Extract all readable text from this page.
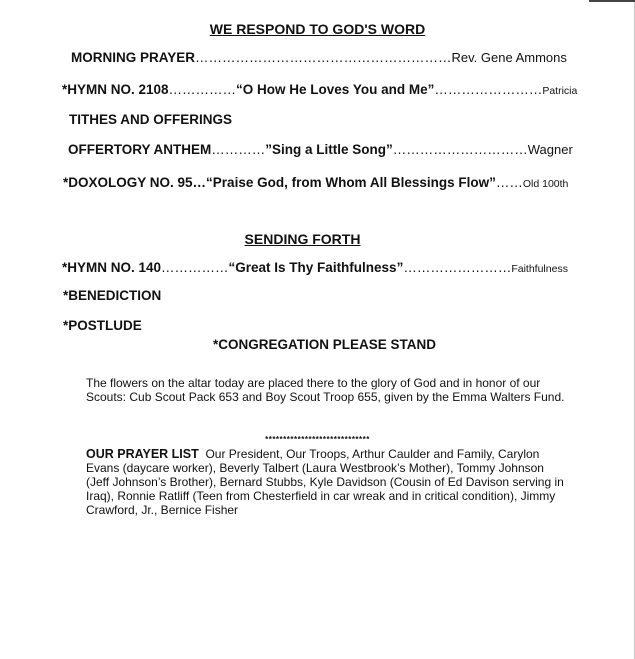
WE RESPOND TO GOD'S WORD
MORNING PRAYER ………………………………………………… Rev. Gene Ammons
*HYMN NO. 2108 …………… “O How He Loves You and Me” …………………… Patricia
TITHES AND OFFERINGS
OFFERTORY ANTHEM ………… ”Sing a Little Song” ………………………… Wagner
*DOXOLOGY NO. 95… “Praise God, from Whom All Blessings Flow” …… Old 100th
SENDING FORTH
*HYMN NO. 140 …………… “Great Is Thy Faithfulness” …………………… Faithfulness
*BENEDICTION
*POSTLUDE
*CONGREGATION PLEASE STAND
The flowers on the altar today are placed there to the glory of God and in honor of our Scouts: Cub Scout Pack 653 and Boy Scout Troop 655, given by the Emma Walters Fund.
*****************************
OUR PRAYER LIST Our President, Our Troops, Arthur Caulder and Family, Carylon Evans (daycare worker), Beverly Talbert (Laura Westbrook’s Mother), Tommy Johnson (Jeff Johnson’s Brother), Bernard Stubbs, Kyle Davidson (Cousin of Ed Davison serving in Iraq), Ronnie Ratliff (Teen from Chesterfield in car wreak and in critical condition), Jimmy Crawford, Jr., Bernice Fisher
